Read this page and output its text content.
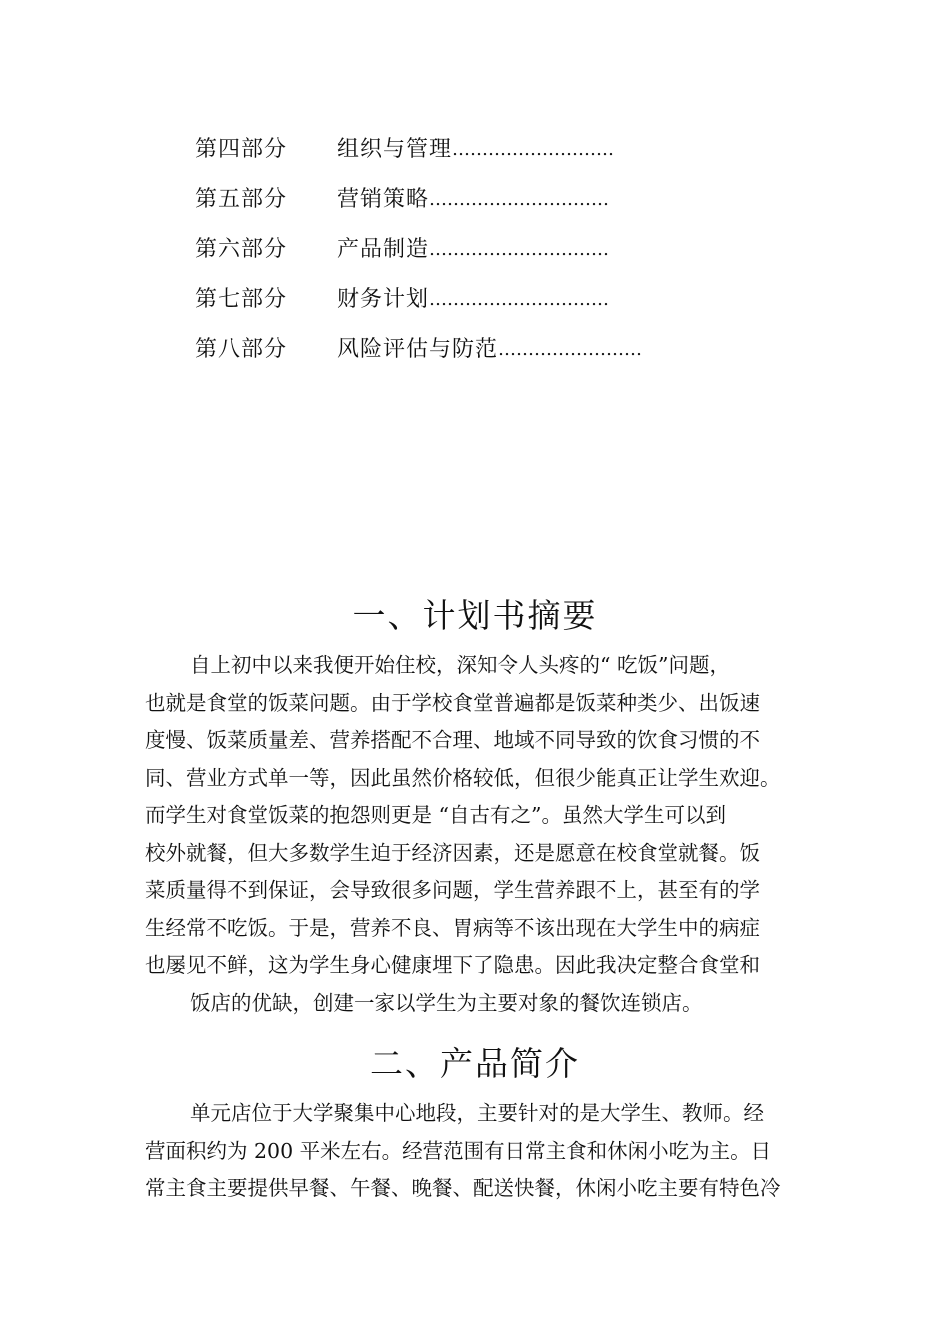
第四部分	组织与管理 ………………………
第五部分	营销策略 …………………………
第六部分	产品制造 …………………………
第七部分	财务计划 …………………………
第八部分	风险评估与防范 ……………………
一、计划书摘要
自上初中以来我便开始住校，深知令人头疼的“ 吃饭”问题，
也就是食堂的饭菜问题。由于学校食堂普遍都是饭菜种类少、出饭速
度慢、饭菜质量差、营养搭配不合理、地域不同导致的饮食习惯的不
同、营业方式单一等，因此虽然价格较低，但很少能真正让学生欢迎。
而学生对食堂饭菜的抱怨则更是 “自古有之”。虽然大学生可以到
校外就餐，但大多数学生迫于经济因素，还是愿意在校食堂就餐。饭
菜质量得不到保证，会导致很多问题，学生营养跟不上，甚至有的学
生经常不吃饭。于是，营养不良、胃病等不该出现在大学生中的病症
也屡见不鲜，这为学生身心健康埋下了隐患。因此我决定整合食堂和
饭店的优缺，创建一家以学生为主要对象的餐饮连锁店。
二、产品简介
单元店位于大学聚集中心地段，主要针对的是大学生、教师。经
营面积约为 200 平米左右。经营范围有日常主食和休闲小吃为主。日
常主食主要提供早餐、午餐、晚餐、配送快餐，休闲小吃主要有特色冷
